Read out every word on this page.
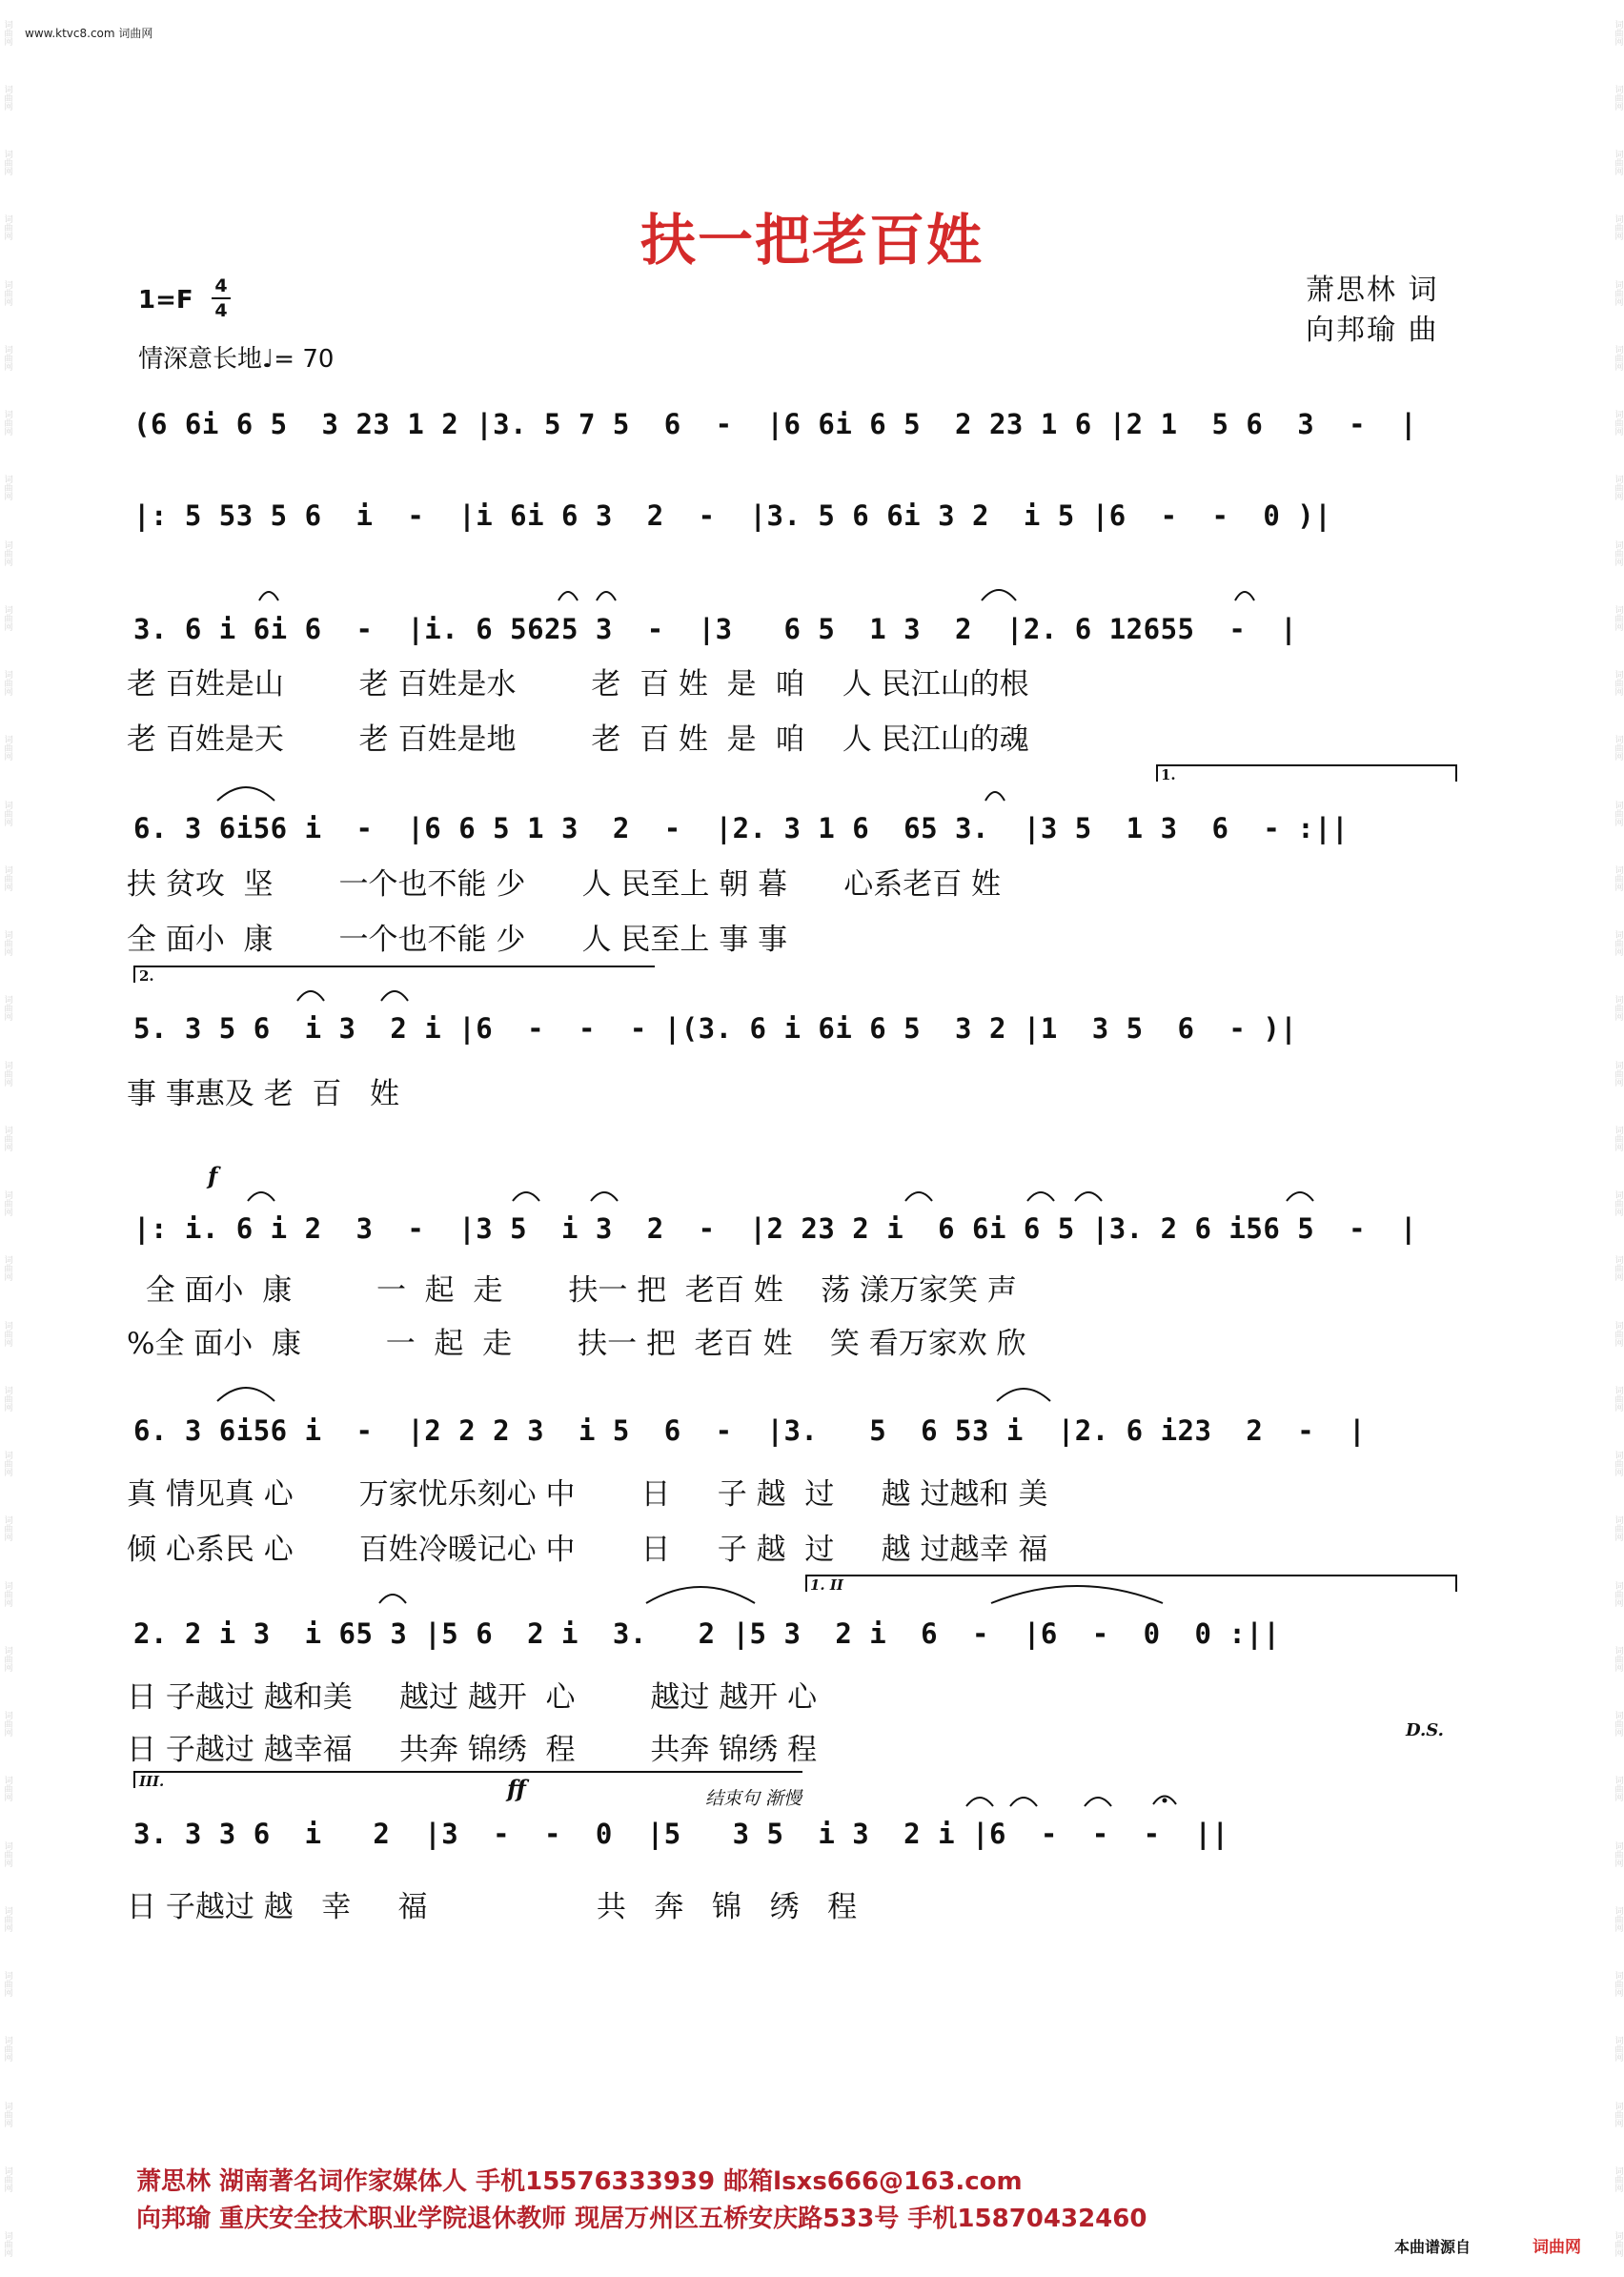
词曲网
词曲网
词曲网
词曲网
词曲网
词曲网
词曲网
词曲网
词曲网
词曲网
词曲网
词曲网
词曲网
词曲网
词曲网
词曲网
词曲网
词曲网
词曲网
词曲网
词曲网
词曲网
词曲网
词曲网
词曲网
词曲网
词曲网
词曲网
词曲网
词曲网
词曲网
词曲网
词曲网
词曲网
词曲网
词曲网
词曲网
词曲网
词曲网
词曲网
词曲网
词曲网
词曲网
词曲网
词曲网
词曲网
词曲网
词曲网
词曲网
词曲网
词曲网
词曲网
词曲网
词曲网
词曲网
词曲网
词曲网
词曲网
词曲网
词曲网
词曲网
词曲网
词曲网
词曲网
词曲网
词曲网
词曲网
词曲网
词曲网
词曲网
www.ktvc8.com 词曲网
扶一把老百姓
1=F 4
4
情深意长地♩= 70
萧思林 词
向邦瑜 曲
(6 6i 6 5  3 23 1 2 |3. 5 7 5  6  -  |6 6i 6 5  2 23 1 6 |2 1  5 6  3  -  |
|: 5 53 5 6  i  -  |i 6i 6 3  2  -  |3. 5 6 6i 3 2  i 5 |6  -  -  0 )|
3. 6 i 6i 6  -  |i. 6 5625 3  -  |3   6 5  1 3  2  |2. 6 12655  -  |
老 百姓是山        老 百姓是水        老  百 姓  是  咱    人 民江山的根
老 百姓是天        老 百姓是地        老  百 姓  是  咱    人 民江山的魂
1.
6. 3 6i56 i  -  |6 6 5 1 3  2  -  |2. 3 1 6  65 3.  |3 5  1 3  6  - :||
扶 贫攻  坚       一个也不能 少      人 民至上 朝 暮      心系老百 姓
全 面小  康       一个也不能 少      人 民至上 事 事
2.
5. 3 5 6  i 3  2 i |6  -  -  - |(3. 6 i 6i 6 5  3 2 |1  3 5  6  - )|
事 事惠及 老  百   姓
f
|: i. 6 i 2  3  -  |3 5  i 3  2  -  |2 23 2 i  6 6i 6 5 |3. 2 6 i56 5  -  |
全 面小  康         一  起  走       扶一 把  老百 姓    荡 漾万家笑 声
%全 面小  康         一  起  走       扶一 把  老百 姓    笑 看万家欢 欣
6. 3 6i56 i  -  |2 2 2 3  i 5  6  -  |3.   5  6 53 i  |2. 6 i23  2  -  |
真 情见真 心       万家忧乐刻心 中       日     子 越  过     越 过越和 美
倾 心系民 心       百姓冷暖记心 中       日     子 越  过     越 过越幸 福
1. II
2. 2 i 3  i 65 3 |5 6  2 i  3.   2 |5 3  2 i  6  -  |6  -  0  0 :||
日 子越过 越和美     越过 越开  心        越过 越开 心
日 子越过 越幸福     共奔 锦绣  程        共奔 锦绣 程
D.S.
III.	ff	结束句 渐慢
3. 3 3 6  i   2  |3  -  -  0  |5   3 5  i 3  2 i |6  -  -  -  ||
日 子越过 越   幸     福                  共   奔   锦   绣   程
萧思林 湖南著名词作家媒体人 手机15576333939 邮箱lsxs666@163.com
向邦瑜 重庆安全技术职业学院退休教师 现居万州区五桥安庆路533号 手机15870432460
本曲谱源自	词曲网
